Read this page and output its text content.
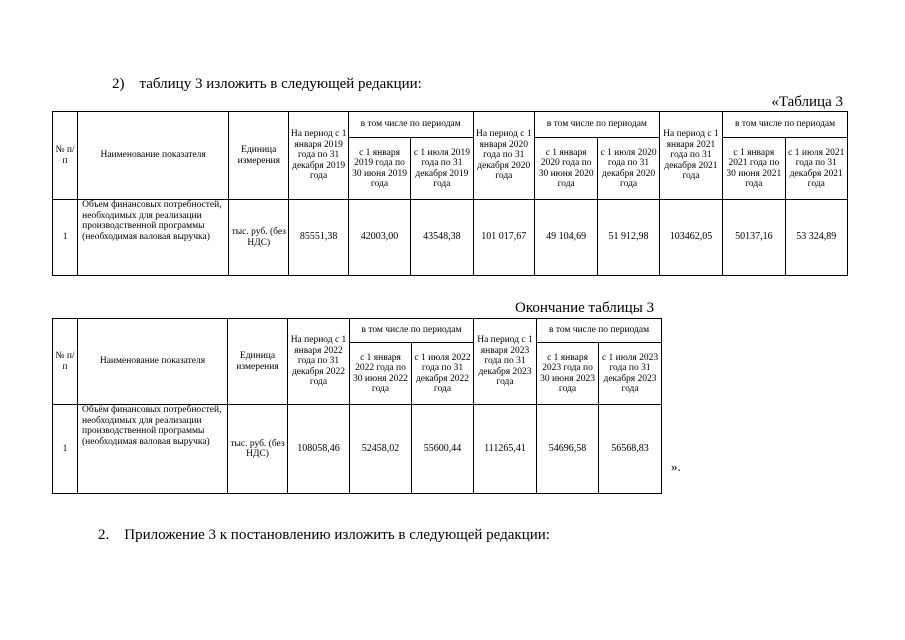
2)    таблицу 3 изложить в следующей редакции:
«Таблица 3
№ п/п	Наименование показателя	Единица измерения	На период с 1 января 2019 года по 31 декабря 2019 года	в том числе по периодам		На период с 1 января 2020 года по 31 декабря 2020 года	в том числе по периодам		На период с 1 января 2021 года по 31 декабря 2021 года	в том числе по периодам	
				с 1 января 2019 года по 30 июня 2019 года	с 1 июля 2019 года по 31 декабря 2019 года		с 1 января 2020 года по 30 июня 2020 года	с 1 июля 2020 года по 31 декабря 2020 года		с 1 января 2021 года по 30 июня 2021 года	с 1 июля 2021 года по 31 декабря 2021 года
1	Объем финансовых потребностей, необходимых для реализации производственной программы (необходимая валовая выручка)	тыс. руб. (без НДС)	85551,38	42003,00	43548,38	101 017,67	49 104,69	51 912,98	103462,05	50137,16	53 324,89
Окончание таблицы 3
№ п/п	Наименование показателя	Единица измерения	На период с 1 января 2022 года по 31 декабря 2022 года	в том числе по периодам		На период с 1 января 2023 года по 31 декабря 2023 года	в том числе по периодам	
				с 1 января 2022 года по 30 июня 2022 года	с 1 июля 2022 года по 31 декабря 2022 года		с 1 января 2023 года по 30 июня 2023 года	с 1 июля 2023 года по 31 декабря 2023 года
1	Объём финансовых потребностей, необходимых для реализации производственной программы (необходимая валовая выручка)	тыс. руб. (без НДС)	108058,46	52458,02	55600,44	111265,41	54696,58	56568,83
».
2.    Приложение 3 к постановлению изложить в следующей редакции:
